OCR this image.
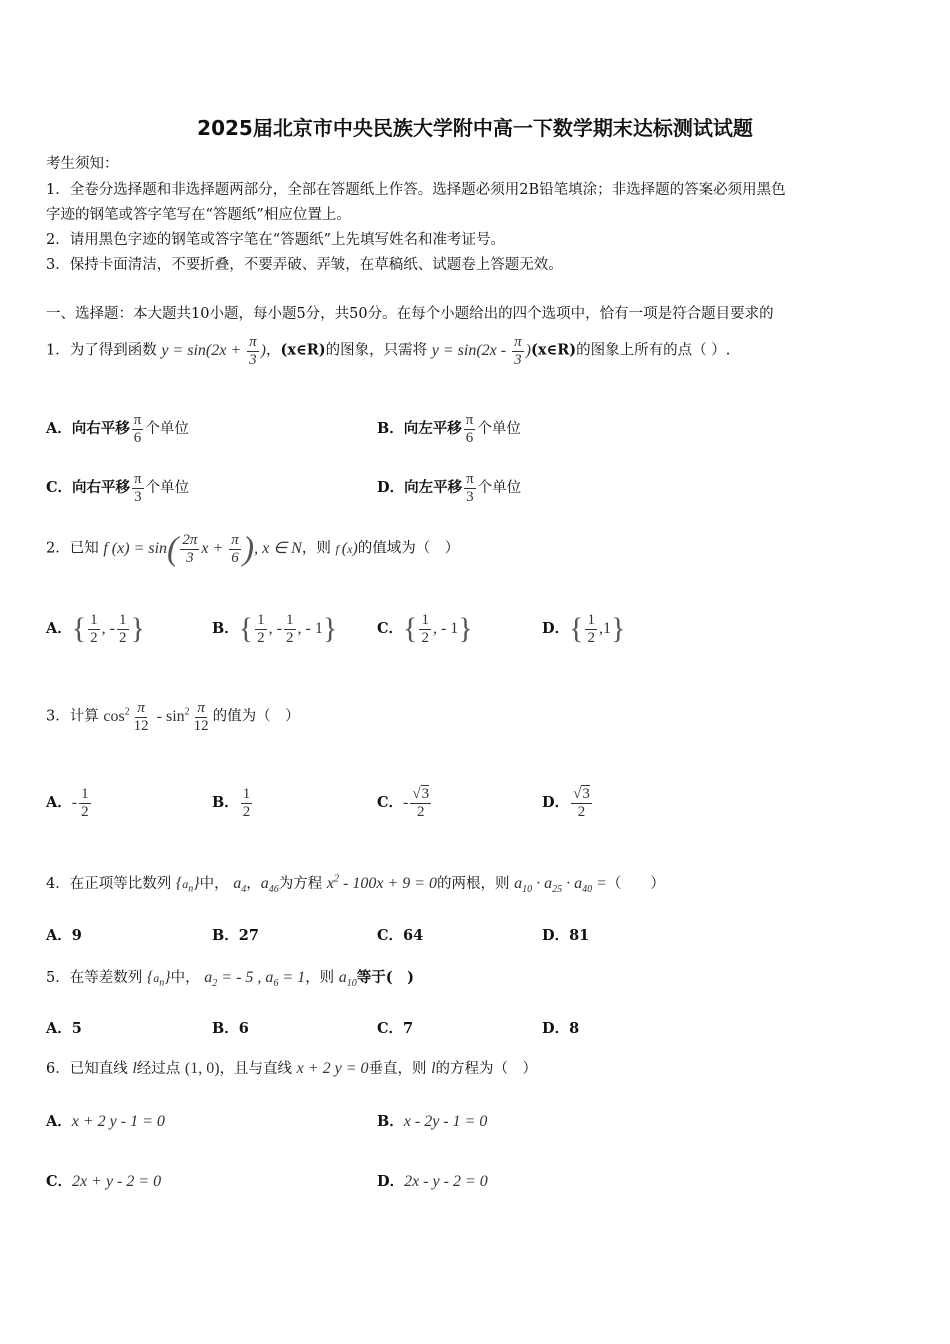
2025届北京市中央民族大学附中高一下数学期末达标测试试题
考生须知：
1．全卷分选择题和非选择题两部分，全部在答题纸上作答。选择题必须用2B铅笔填涂；非选择题的答案必须用黑色
字迹的钢笔或答字笔写在“答题纸”相应位置上。
2．请用黑色字迹的钢笔或答字笔在“答题纸”上先填写姓名和准考证号。
3．保持卡面清洁，不要折叠，不要弄破、弄皱，在草稿纸、试题卷上答题无效。
一、选择题：本大题共10小题，每小题5分，共50分。在每个小题给出的四个选项中，恰有一项是符合题目要求的
1．为了得到函数 $y = \sin(2x + \frac{\pi}{3}$ )，(x∈R)的图象，只需将 $y = \sin(2x - \frac{\pi}{3}$ )(x∈R)的图象上所有的点（ ）.
A．向右平移 $\frac{\pi}{6}$ 个单位	B．向左平移 $\frac{\pi}{6}$ 个单位
C．向右平移 $\frac{\pi}{3}$ 个单位	D．向左平移 $\frac{\pi}{3}$ 个单位
2．已知 f $(x) = \sin( \frac{2\pi}{3}$ $x + \frac{\pi}{6}$ ), x ∈ N，则 f (x)的值域为（　）
A．{ $\frac{1}{2}$ , - $\frac{1}{2}$ }	B．{ $\frac{1}{2}$ , - $\frac{1}{2}$ , - 1}	C．{ $\frac{1}{2}$ , - 1}	D．{ $\frac{1}{2} ,1$}
3．计算 $\cos^2 \frac{\pi}{12} - \sin^2 \frac{\pi}{12}$ 的值为（　）
A．- $\frac{1}{2}$	B． $\frac{1}{2}$	C．- $\frac{√3}{2}$	D． $\frac{√3}{2}$
4．在正项等比数列 $\{a_n\}$中， $a_4$，$a_{46}$为方程 $x^2 - 100x + 9 = 0$的两根，则 $a_{10} \cdot a_{25} \cdot a_{40}$ =（　　）
A．9	B．27	C．64	D．81
5．在等差数列 $\{a_n\}$中， $a_2$ = - 5 , $a_6 = 1$，则 $a_{10}$等于(　)
A．5	B．6	C．7	D．8
6．已知直线 l经过点 (1, 0)，且与直线 x + 2 y = 0垂直，则 l的方程为（　）
A．x + 2 y - 1 = 0	B．x - 2y - 1 = 0
C．2x + y - 2 = 0	D．2x - y - 2 = 0
